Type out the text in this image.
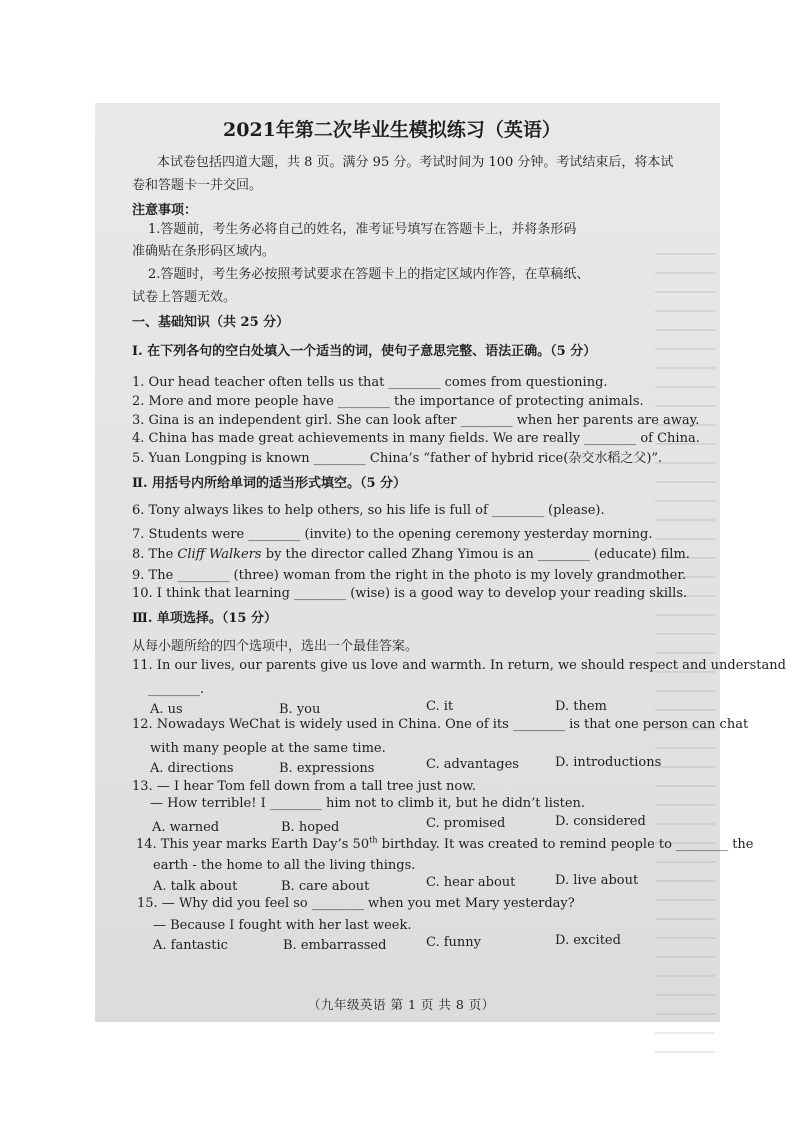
2021年第二次毕业生模拟练习（英语）
本试卷包括四道大题，共 8 页。满分 95 分。考试时间为 100 分钟。考试结束后，将本试
卷和答题卡一并交回。
注意事项：
1.答题前，考生务必将自己的姓名，准考证号填写在答题卡上，并将条形码
准确贴在条形码区域内。
2.答题时，考生务必按照考试要求在答题卡上的指定区域内作答，在草稿纸、
试卷上答题无效。
一、基础知识（共 25 分）
Ⅰ. 在下列各句的空白处填入一个适当的词，使句子意思完整、语法正确。（5 分）
1. Our head teacher often tells us that ________ comes from questioning.
2. More and more people have ________ the importance of protecting animals.
3. Gina is an independent girl. She can look after ________ when her parents are away.
4. China has made great achievements in many fields. We are really ________ of China.
5. Yuan Longping is known ________ China’s “father of hybrid rice(杂交水稻之父)”.
Ⅱ. 用括号内所给单词的适当形式填空。（5 分）
6. Tony always likes to help others, so his life is full of ________ (please).
7. Students were ________ (invite) to the opening ceremony yesterday morning.
8. The Cliff Walkers by the director called Zhang Yimou is an ________ (educate) film.
9. The ________ (three) woman from the right in the photo is my lovely grandmother.
10. I think that learning ________ (wise) is a good way to develop your reading skills.
Ⅲ. 单项选择。（15 分）
从每小题所给的四个选项中，选出一个最佳答案。
11. In our lives, our parents give us love and warmth. In return, we should respect and understand
________.
A. us	B. you	C. it	D. them
12. Nowadays WeChat is widely used in China. One of its ________ is that one person can chat
with many people at the same time.
A. directions	B. expressions	C. advantages	D. introductions
13. — I hear Tom fell down from a tall tree just now.
— How terrible! I ________ him not to climb it, but he didn’t listen.
A. warned	B. hoped	C. promised	D. considered
14. This year marks Earth Day’s 50th birthday. It was created to remind people to ________ the
earth - the home to all the living things.
A. talk about	B. care about	C. hear about	D. live about
15. — Why did you feel so ________ when you met Mary yesterday?
— Because I fought with her last week.
A. fantastic	B. embarrassed	C. funny	D. excited
（九年级英语 第 1 页 共 8 页）
